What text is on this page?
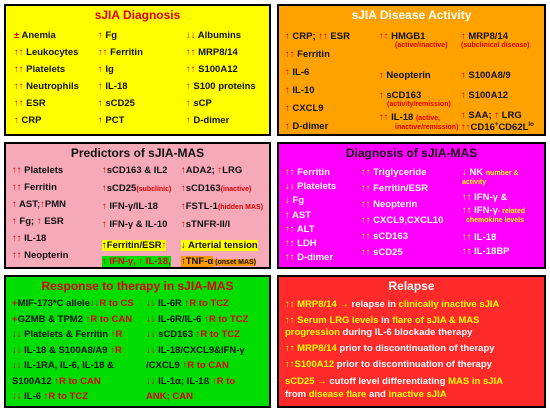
sJIA Diagnosis
± Anemia
↑↑ Leukocytes
↑↑ Platelets
↑↑ Neutrophils
↑↑ ESR
↑ CRP
↑ Fg
↑↑ Ferritin
↑ Ig
↑ IL-18
↑ sCD25
↑ PCT
↓↓ Albumins
↑↑ MRP8/14
↑↑ S100A12
↑ S100 proteins
↑ sCP
↑ D-dimer
sJIA Disease Activity
↑ CRP; ↑↑ ESR
↑↑ Ferritin
↑ IL-6
↑ IL-10
↑ CXCL9
↑ D-dimer
↑↑ HMGB1
(active/inactive)
↑ Neopterin
↑ sCD163
(activity/remission)
↑↑ IL-18 (active,
inactive/remission)
↑ MRP8/14
(subclinical disease)
↑ S100A8/9
↑ S100A12
↑ SAA; ↑ LRG
$↑↑CD16^+CD62L^{lo}$
Predictors of sJIA-MAS
↑↑ Platelets
↑↑ Ferritin
↑ AST;↑PMN
↑ Fg; ↑ ESR
↑↑ IL-18
↑↑ Neopterin
↑sCD163 & IL2
↑sCD25(subclinic)
↑ IFN-γ/IL-18
↑ IFN-γ & IL-10
↑ADA2; ↑LRG
↑sCD163(inactive)
↑FSTL-1(hidden MAS)
↑sTNFR-II/I
↑Ferritin/ESR↑
↑ IFN-γ, ↑ IL-18,
↓ Arterial tension
↑TNF-α (onset MAS)
Diagnosis of sJIA-MAS
↑↑ Ferritin
↓↓ Platelets
↓ Fg
↑ AST
↑↑ ALT
↑↑ LDH
↑↑ D-dimer
↑↑ Triglyceride
↑↑ Ferritin/ESR
↑↑ Neopterin
↑↑ CXCL9,CXCL10
↑↑ sCD163
↑↑ sCD25
↓ NK number &
activity
↑↑ IFN-γ &
↑↑ IFN-γ- related
chemokine levels
↑↑ IL-18
↑↑ IL-18BP
Response to therapy in sJIA-MAS
+MIF-173*C allele↓↓R to CS
+GZMB & TPM2 ↑R to CAN
↓↓ Platelets & Ferritin ↑R
↓↓ IL-18 & S100A8/A9 ↑R
↓↓ IL-1RA, IL-6, IL-18 &
S100A12 ↑R to CAN
↓↓ IL-6 ↑R to TCZ
↓↓ IL-6R ↑R to TCZ
↓↓ IL-6R/IL-6 ↑R to TCZ
↓↓ sCD163 ↑R to TCZ
↓↓ IL-18/CXCL9&IFN-γ
/CXCL9 ↑R to CAN
↓↓ IL-1α; IL-1ß ↑R to
ANK; CAN
Relapse
↑↑ MRP8/14 → relapse in clinically inactive sJIA
↑↑ Serum LRG levels in flare of sJIA & MAS
progression during IL-6 blockade therapy
↑↑ MRP8/14 prior to discontinuation of therapy
↑↑S100A12 prior to discontinuation of therapy
sCD25 → cutoff level differentiating MAS in sJIA
from disease flare and inactive sJIA
